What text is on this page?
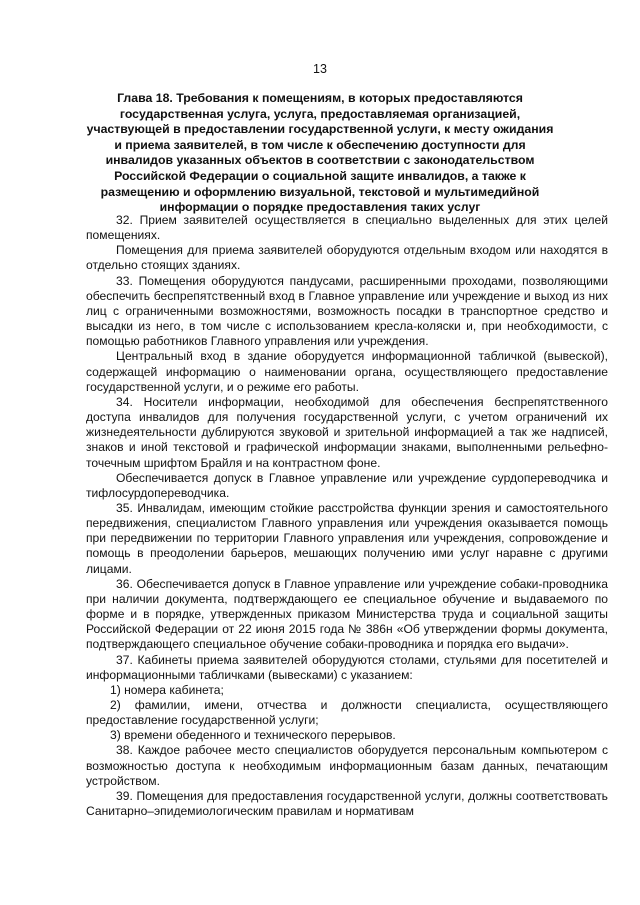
13
Глава 18. Требования к помещениям, в которых предоставляются государственная услуга, услуга, предоставляемая организацией, участвующей в предоставлении государственной услуги, к месту ожидания и приема заявителей, в том числе к обеспечению доступности для инвалидов указанных объектов в соответствии с законодательством Российской Федерации о социальной защите инвалидов, а также к размещению и оформлению визуальной, текстовой и мультимедийной информации о порядке предоставления таких услуг

32. Прием заявителей осуществляется в специально выделенных для этих целей помещениях.

Помещения для приема заявителей оборудуются отдельным входом или находятся в отдельно стоящих зданиях.

33. Помещения оборудуются пандусами, расширенными проходами, позволяющими обеспечить беспрепятственный вход в Главное управление или учреждение и выход из них лиц с ограниченными возможностями, возможность посадки в транспортное средство и высадки из него, в том числе с использованием кресла-коляски и, при необходимости, с помощью работников Главного управления или учреждения.

Центральный вход в здание оборудуется информационной табличкой (вывеской), содержащей информацию о наименовании органа, осуществляющего предоставление государственной услуги, и о режиме его работы.

34. Носители информации, необходимой для обеспечения беспрепятственного доступа инвалидов для получения государственной услуги, с учетом ограничений их жизнедеятельности дублируются звуковой и зрительной информацией а так же надписей, знаков и иной текстовой и графической информации знаками, выполненными рельефно-точечным шрифтом Брайля и на контрастном фоне.

Обеспечивается допуск в Главное управление или учреждение сурдопереводчика и тифлосурдопереводчика.

35. Инвалидам, имеющим стойкие расстройства функции зрения и самостоятельного передвижения, специалистом Главного управления или учреждения оказывается помощь при передвижении по территории Главного управления или учреждения, сопровождение и помощь в преодолении барьеров, мешающих получению ими услуг наравне с другими лицами.

36. Обеспечивается допуск в Главное управление или учреждение собаки-проводника при наличии документа, подтверждающего ее специальное обучение и выдаваемого по форме и в порядке, утвержденных приказом Министерства труда и социальной защиты Российской Федерации от 22 июня 2015 года № 386н «Об утверждении формы документа, подтверждающего специальное обучение собаки-проводника и порядка его выдачи».

37. Кабинеты приема заявителей оборудуются столами, стульями для посетителей и информационными табличками (вывесками) с указанием:

1) номера кабинета;

2) фамилии, имени, отчества и должности специалиста, осуществляющего предоставление государственной услуги;

3) времени обеденного и технического перерывов.

38. Каждое рабочее место специалистов оборудуется персональным компьютером с возможностью доступа к необходимым информационным базам данных, печатающим устройством.

39. Помещения для предоставления государственной услуги, должны соответствовать Санитарно–эпидемиологическим правилам и нормативам
